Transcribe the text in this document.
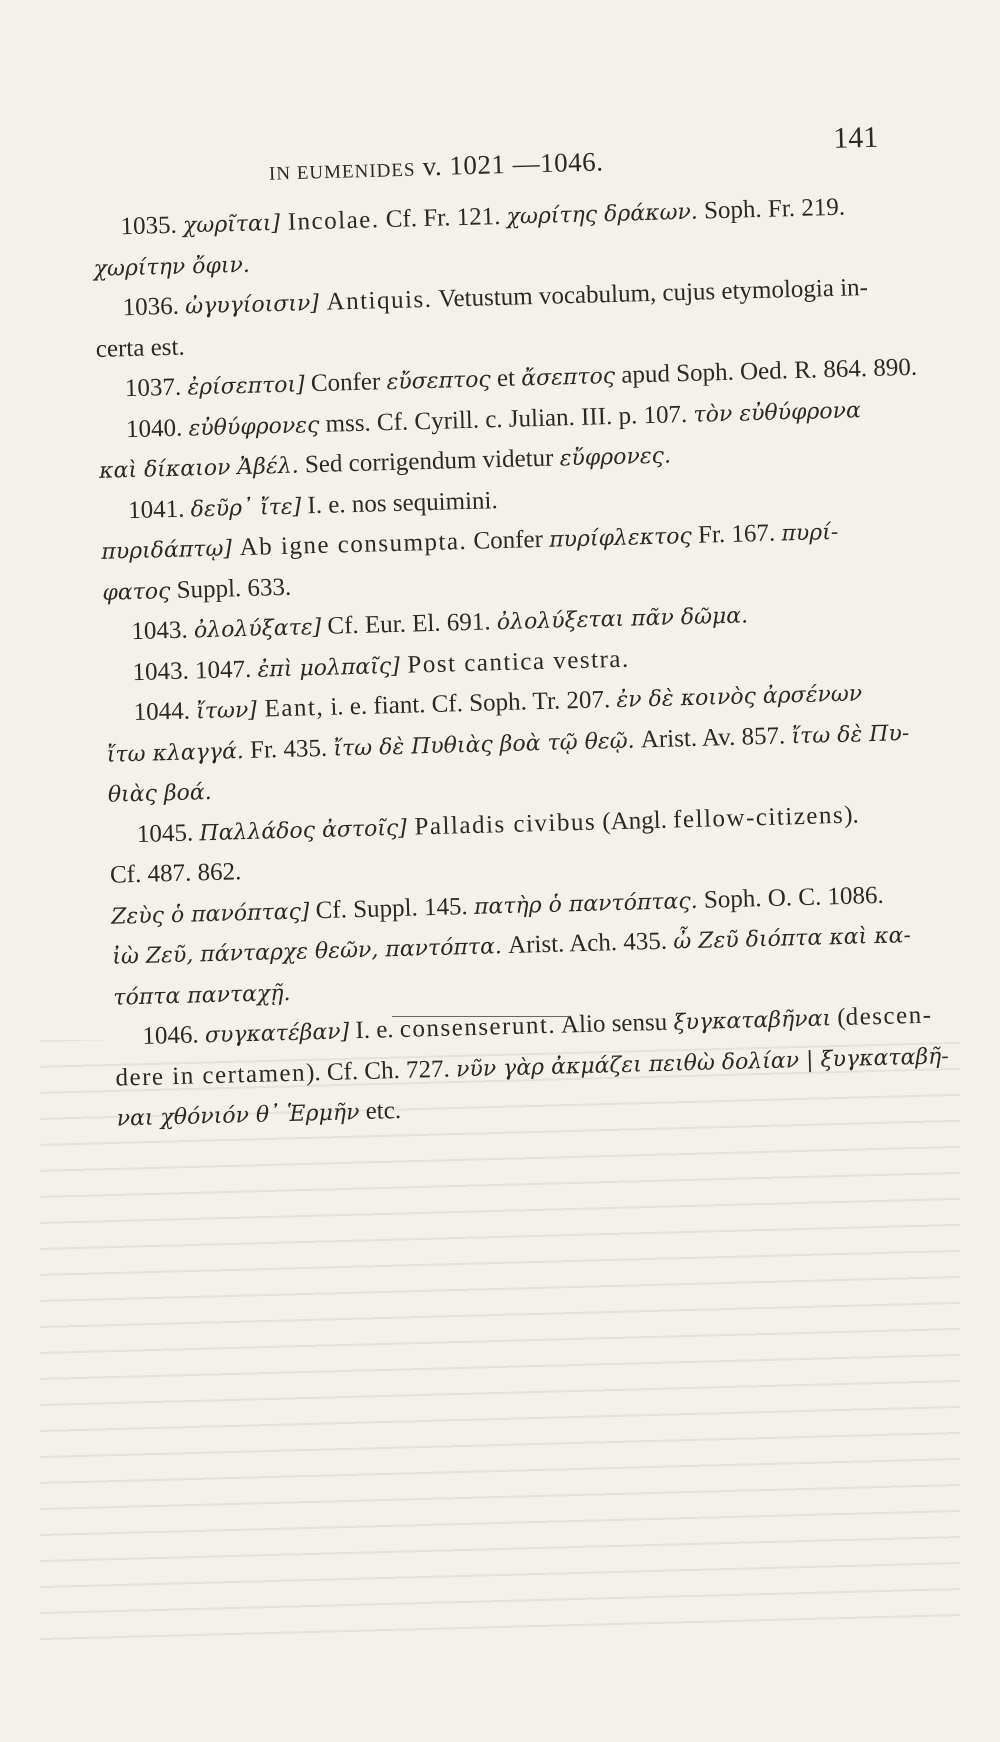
IN EUMENIDES v. 1021 —1046.
141
1035. χωρῖται] Incolae. Cf. Fr. 121. χωρίτης δράκων. Soph. Fr. 219.
χωρίτην ὄφιν.
1036. ὠγυγίοισιν] Antiquis. Vetustum vocabulum, cujus etymologia in-
certa est.
1037. ἐρίσεπτοι] Confer εὔσεπτος et ἄσεπτος apud Soph. Oed. R. 864. 890.
1040. εὐθύφρονες mss. Cf. Cyrill. c. Julian. III. p. 107. τὸν εὐθύφρονα
καὶ δίκαιον Ἀβέλ. Sed corrigendum videtur εὔφρονες.
1041. δεῦρ᾽ ἴτε] I. e. nos sequimini.
πυριδάπτῳ] Ab igne consumpta. Confer πυρίφλεκτος Fr. 167. πυρί-
φατος Suppl. 633.
1043. ὀλολύξατε] Cf. Eur. El. 691. ὀλολύξεται πᾶν δῶμα.
1043. 1047. ἐπὶ μολπαῖς] Post cantica vestra.
1044. ἴτων] Eant, i. e. fiant. Cf. Soph. Tr. 207. ἐν δὲ κοινὸς ἀρσένων
ἴτω κλαγγά. Fr. 435. ἴτω δὲ Πυθιὰς βοὰ τῷ θεῷ. Arist. Av. 857. ἴτω δὲ Πυ-
θιὰς βοά.
1045. Παλλάδος ἀστοῖς] Palladis civibus (Angl. fellow-citizens).
Cf. 487. 862.
Ζεὺς ὁ πανόπτας] Cf. Suppl. 145. πατὴρ ὁ παντόπτας. Soph. O. C. 1086.
ἰὼ Ζεῦ, πάνταρχε θεῶν, παντόπτα. Arist. Ach. 435. ὦ Ζεῦ διόπτα καὶ κα-
τόπτα πανταχῇ.
1046. συγκατέβαν] I. e. consenserunt. Alio sensu ξυγκαταβῆναι (descen-
dere in certamen). Cf. Ch. 727. νῦν γὰρ ἀκμάζει πειθὼ δολίαν | ξυγκαταβῆ-
ναι χθόνιόν θ᾽ Ἑρμῆν etc.
